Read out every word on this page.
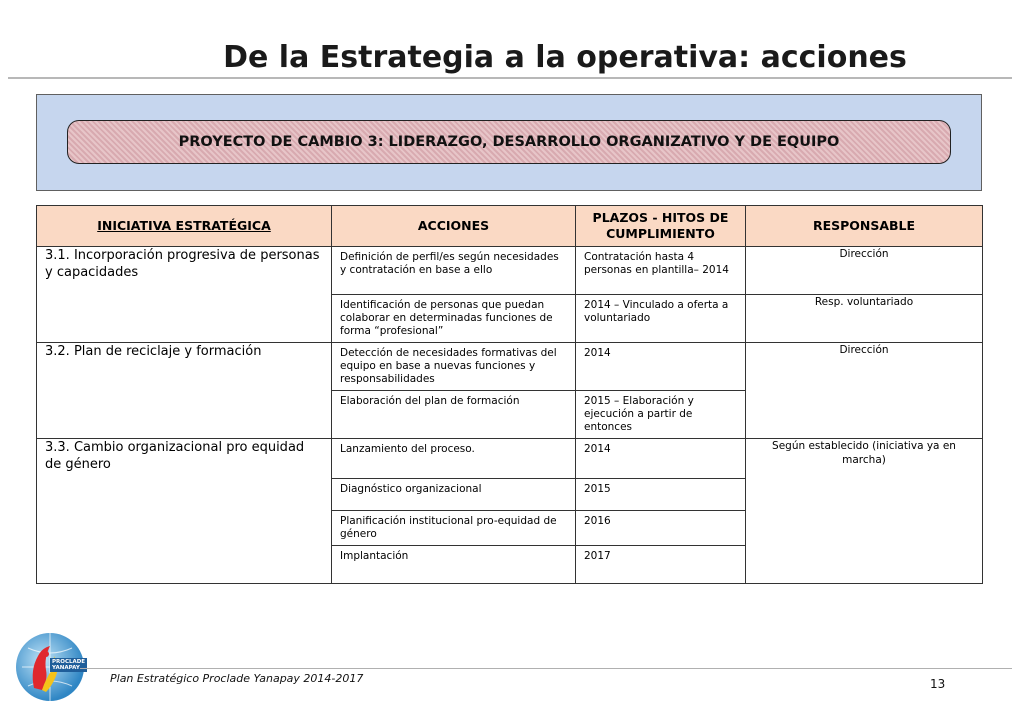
De la Estrategia a la operativa: acciones
PROYECTO DE CAMBIO 3: LIDERAZGO, DESARROLLO ORGANIZATIVO Y DE EQUIPO
INICIATIVA ESTRATÉGICA	ACCIONES	PLAZOS - HITOS DE CUMPLIMIENTO	RESPONSABLE
3.1. Incorporación progresiva de personas y capacidades	Definición de perfil/es según necesidades y contratación en base a ello	Contratación hasta 4 personas en plantilla– 2014	Dirección
	Identificación de personas que puedan colaborar en determinadas funciones de forma “profesional”	2014 – Vinculado a oferta a voluntariado	Resp. voluntariado
3.2. Plan de reciclaje y formación	Detección de necesidades formativas del equipo en base a nuevas funciones y responsabilidades	2014	Dirección
	Elaboración del plan de formación	2015 – Elaboración y ejecución a partir de entonces	
3.3. Cambio organizacional pro equidad de género	Lanzamiento del proceso.	2014	Según establecido (iniciativa ya en marcha)
	Diagnóstico organizacional	2015	
	Planificación institucional pro-equidad de género	2016	
	Implantación	2017	
PROCLADE
YANAPAY
Plan Estratégico Proclade Yanapay 2014-2017	13
